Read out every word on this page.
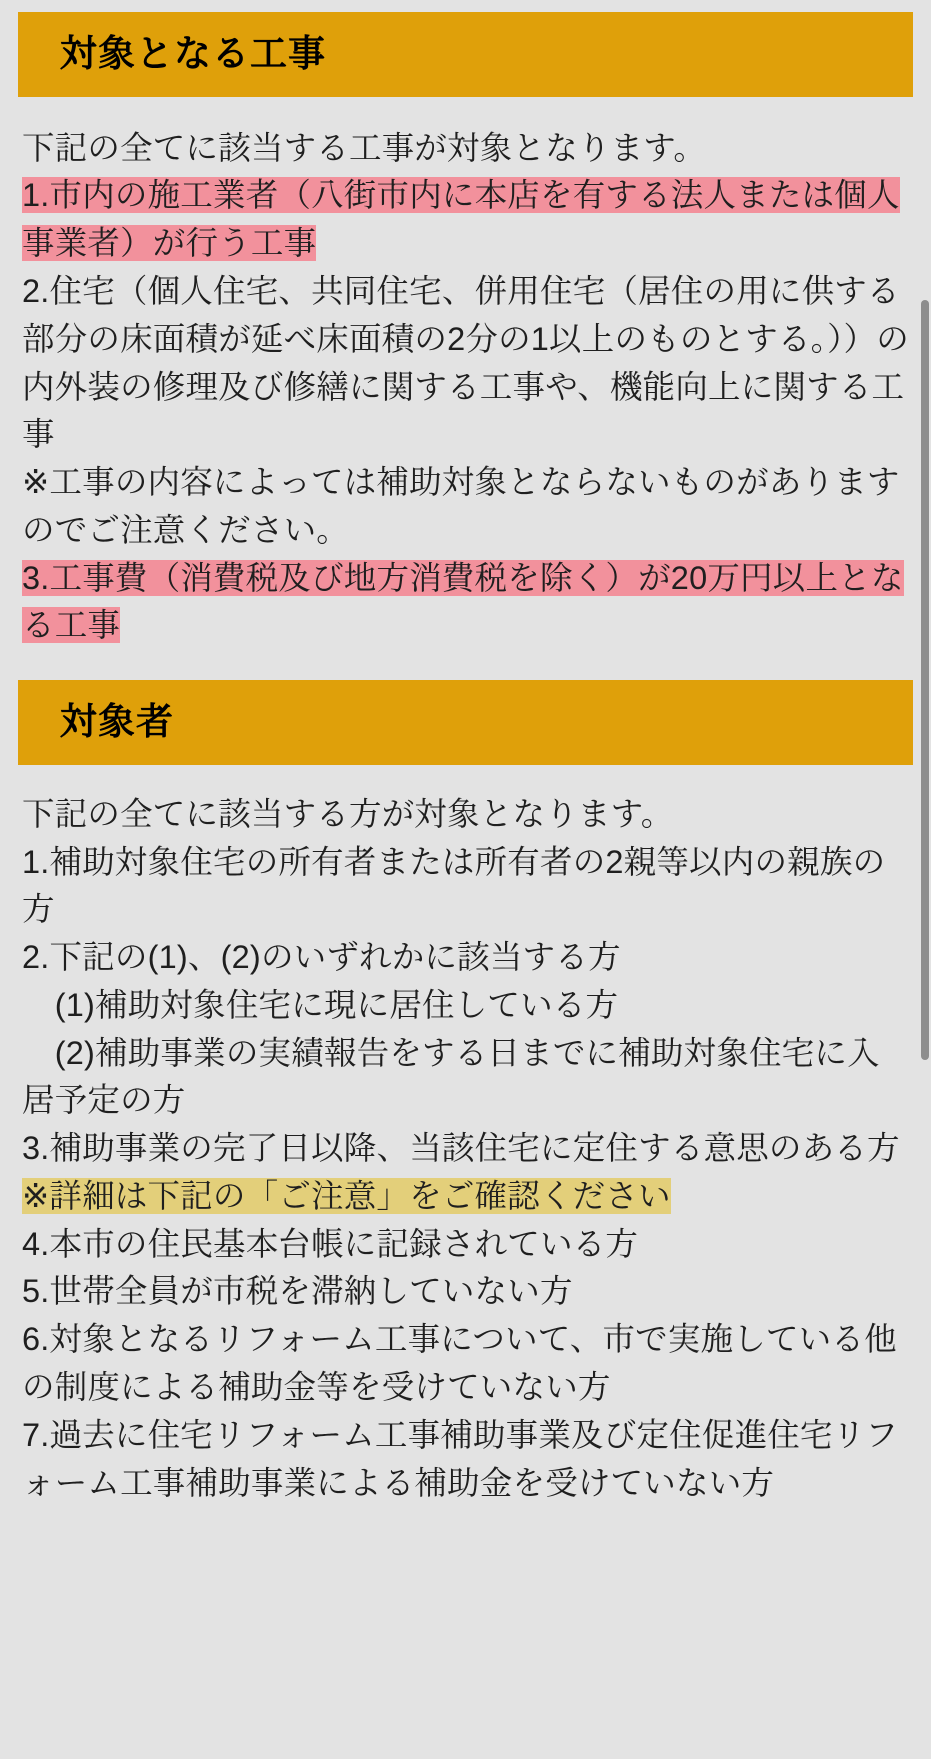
対象となる工事

下記の全てに該当する工事が対象となります。

1.市内の施工業者（八街市内に本店を有する法人または個人事業者）が行う工事

2.住宅（個人住宅、共同住宅、併用住宅（居住の用に供する部分の床面積が延べ床面積の2分の1以上のものとする。））の内外装の修理及び修繕に関する工事や、機能向上に関する工事

※工事の内容によっては補助対象とならないものがありますのでご注意ください。

3.工事費（消費税及び地方消費税を除く）が20万円以上となる工事

対象者

下記の全てに該当する方が対象となります。

1.補助対象住宅の所有者または所有者の2親等以内の親族の方

2.下記の(1)、(2)のいずれかに該当する方

　(1)補助対象住宅に現に居住している方

　(2)補助事業の実績報告をする日までに補助対象住宅に入居予定の方

3.補助事業の完了日以降、当該住宅に定住する意思のある方

※詳細は下記の「ご注意」をご確認ください

4.本市の住民基本台帳に記録されている方

5.世帯全員が市税を滞納していない方

6.対象となるリフォーム工事について、市で実施している他の制度による補助金等を受けていない方

7.過去に住宅リフォーム工事補助事業及び定住促進住宅リフォーム工事補助事業による補助金を受けていない方
